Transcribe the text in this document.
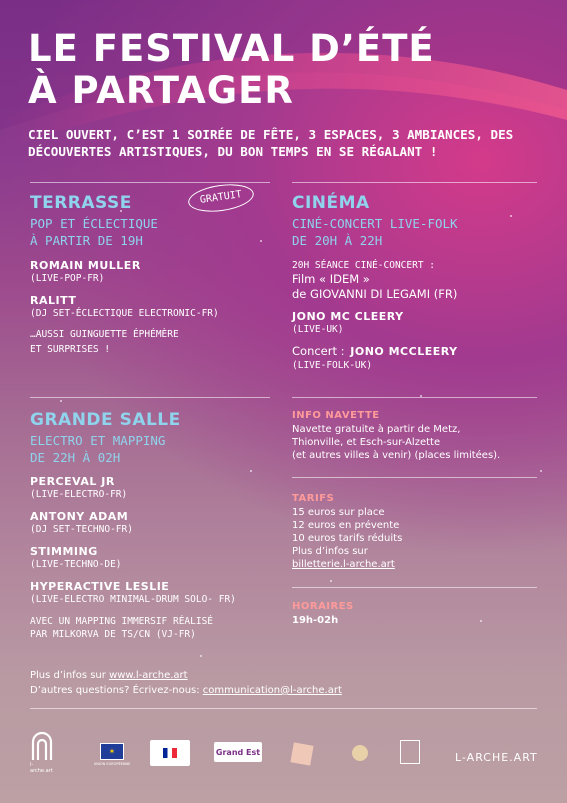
LE FESTIVAL D’ÉTÉ
À PARTAGER
CIEL OUVERT, C’EST 1 SOIRÉE DE FÊTE, 3 ESPACES, 3 AMBIANCES, DES DÉCOUVERTES ARTISTIQUES, DU BON TEMPS EN SE RÉGALANT !
TERRASSE	GRATUIT
POP ET ÉCLECTIQUE
À PARTIR DE 19H
ROMAIN MULLER
(LIVE-POP-FR)
RALITT
(DJ SET-ÉCLECTIQUE ELECTRONIC-FR)
…AUSSI GUINGUETTE ÉPHÉMÈRE
ET SURPRISES !
CINÉMA
CINÉ-CONCERT LIVE-FOLK
DE 20H À 22H
20H SÉANCE CINÉ-CONCERT :
Film « IDEM »
de GIOVANNI DI LEGAMI (FR)
JONO MC CLEERY
(LIVE-UK)
Concert : JONO MCCLEERY
(LIVE-FOLK-UK)
GRANDE SALLE
ELECTRO ET MAPPING
DE 22H À 02H
PERCEVAL JR
(LIVE-ELECTRO-FR)
ANTONY ADAM
(DJ SET-TECHNO-FR)
STIMMING
(LIVE-TECHNO-DE)
HYPERACTIVE LESLIE
(LIVE-ELECTRO MINIMAL-DRUM SOLO- FR)
AVEC UN MAPPING IMMERSIF RÉALISÉ
PAR MILKORVA DE TS/CN (VJ-FR)
INFO NAVETTE
Navette gratuite à partir de Metz,
Thionville, et Esch-sur-Alzette
(et autres villes à venir) (places limitées).
TARIFS
15 euros sur place
12 euros en prévente
10 euros tarifs réduits
Plus d’infos sur
billetterie.l-arche.art
HORAIRES
19h-02h
Plus d’infos sur www.l-arche.art
D’autres questions? Écrivez-nous: communication@l-arche.art
l-arche.art
✶
UNION EUROPÉENNE
Grand Est	L-ARCHE.ART
